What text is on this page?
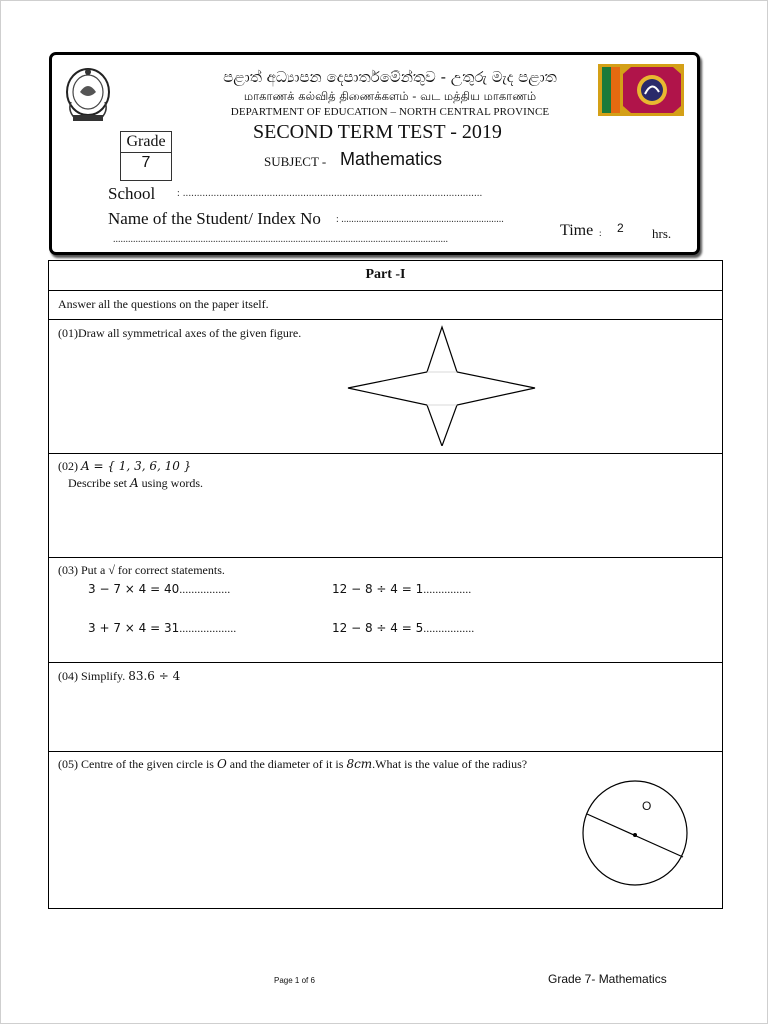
පළාත් අධ්‍යාපන දෙපාර්තමේන්තුව - උතුරු මැද පළාත
மாகாணக் கல்வித் திணைக்களம் - வட மத்திய மாகாணம்
DEPARTMENT OF EDUCATION – NORTH CENTRAL PROVINCE
SECOND TERM TEST - 2019
Grade
7	SUBJECT - Mathematics
School : ...........................................................................................................
Name of the Student/ Index No : .................................................................
......................................................................................................................................
Time : 2 hrs.
Part -I
Answer all the questions on the paper itself.
(01)Draw all symmetrical axes of the given figure.
(02) A = { 1, 3, 6, 10 }
Describe set A using words.
(03) Put a √ for correct statements.
3 − 7 × 4 = 40.................	12 − 8 ÷ 4 = 1................
3 + 7 × 4 = 31...................	12 − 8 ÷ 4 = 5.................
(04) Simplify. 83.6 ÷ 4
(05) Centre of the given circle is O and the diameter of it is 8cm.What is the value of the radius?
O
Page 1 of 6	Grade 7- Mathematics
